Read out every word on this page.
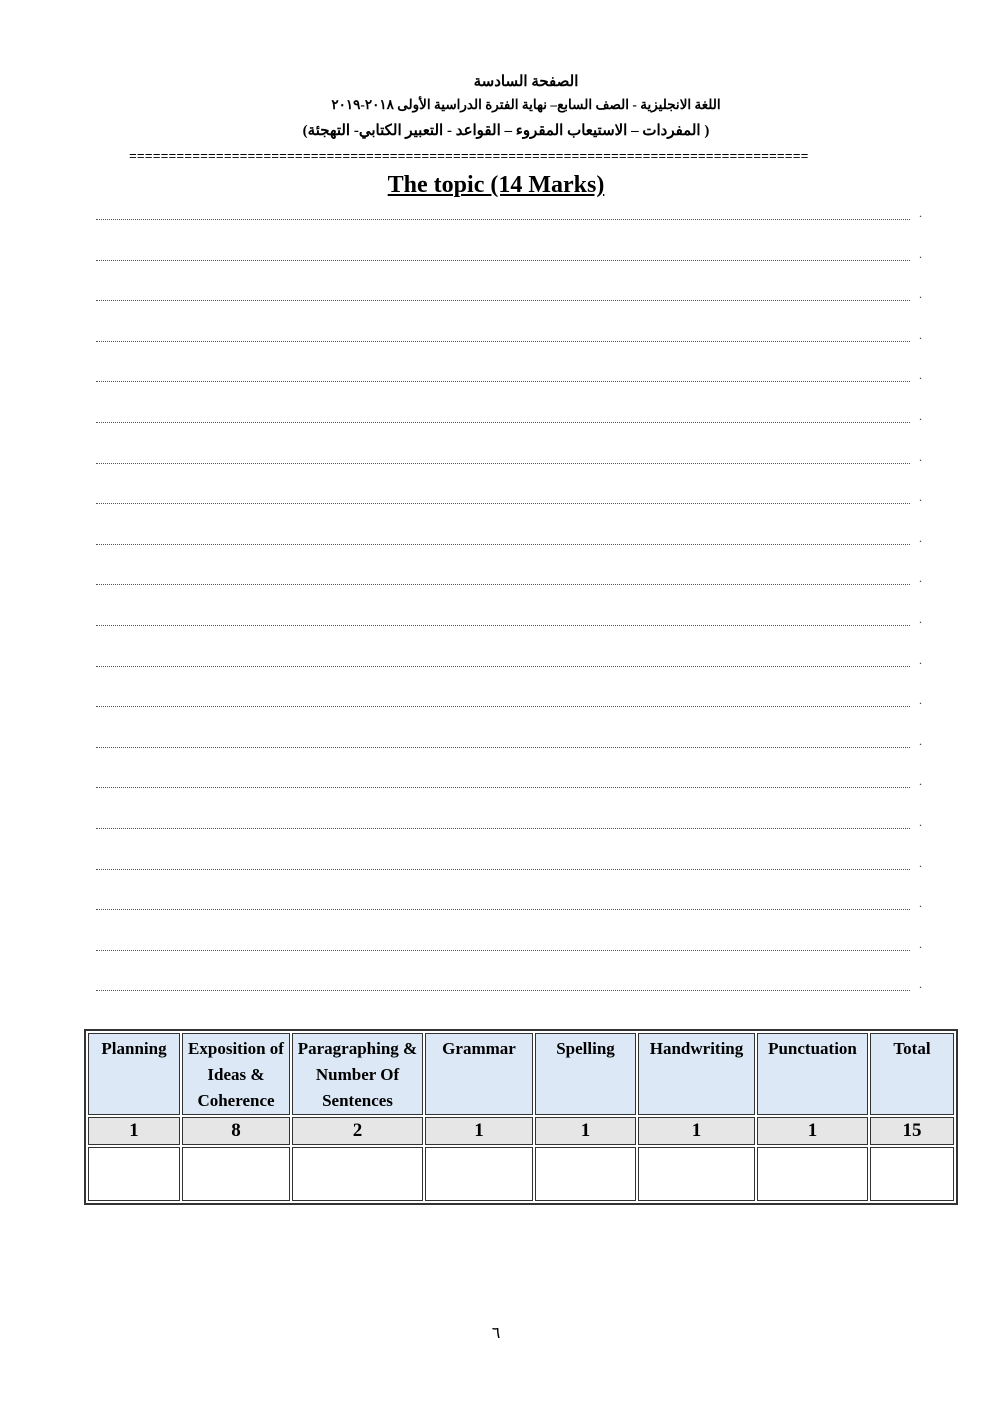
الصفحة السادسة
اللغة الانجليزية - الصف السابع– نهاية الفترة الدراسية الأولى ٢٠١٨-٢٠١٩
( المفردات – الاستيعاب المقروء – القواعد - التعبير الكتابي- التهجئة)
======================================================================================
The topic (14 Marks)
.
.
.
.
.
.
.
.
.
.
.
.
.
.
.
.
.
.
.
.
Planning	Exposition of Ideas & Coherence	Paragraphing & Number Of Sentences	Grammar	Spelling	Handwriting	Punctuation	Total
1	8	2	1	1	1	1	15

٦
